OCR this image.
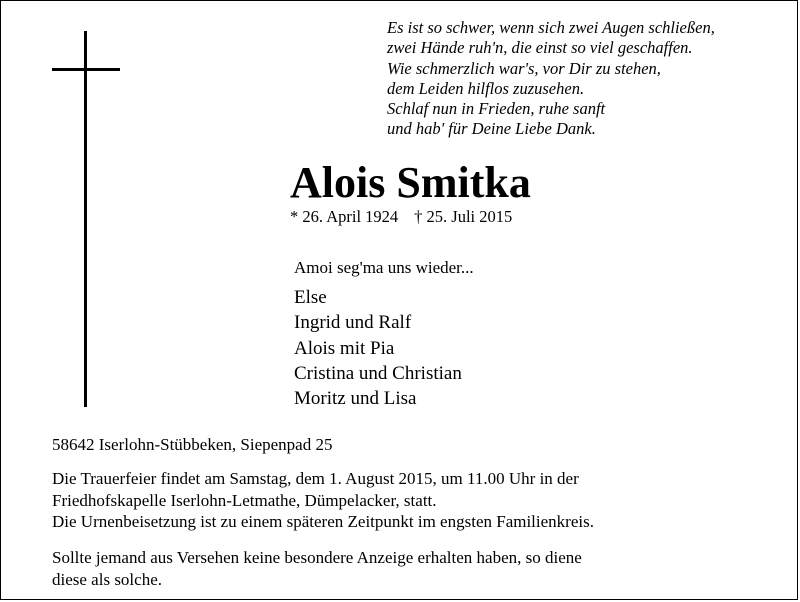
Es ist so schwer, wenn sich zwei Augen schließen,
zwei Hände ruh'n, die einst so viel geschaffen.
Wie schmerzlich war's, vor Dir zu stehen,
dem Leiden hilflos zuzusehen.
Schlaf nun in Frieden, ruhe sanft
und hab' für Deine Liebe Dank.
Alois Smitka
* 26. April 1924 † 25. Juli 2015
Amoi seg'ma uns wieder...
Else
Ingrid und Ralf
Alois mit Pia
Cristina und Christian
Moritz und Lisa
58642 Iserlohn-Stübbeken, Siepenpad 25
Die Trauerfeier findet am Samstag, dem 1. August 2015, um 11.00 Uhr in der
Friedhofskapelle Iserlohn-Letmathe, Dümpelacker, statt.
Die Urnenbeisetzung ist zu einem späteren Zeitpunkt im engsten Familienkreis.
Sollte jemand aus Versehen keine besondere Anzeige erhalten haben, so diene
diese als solche.
